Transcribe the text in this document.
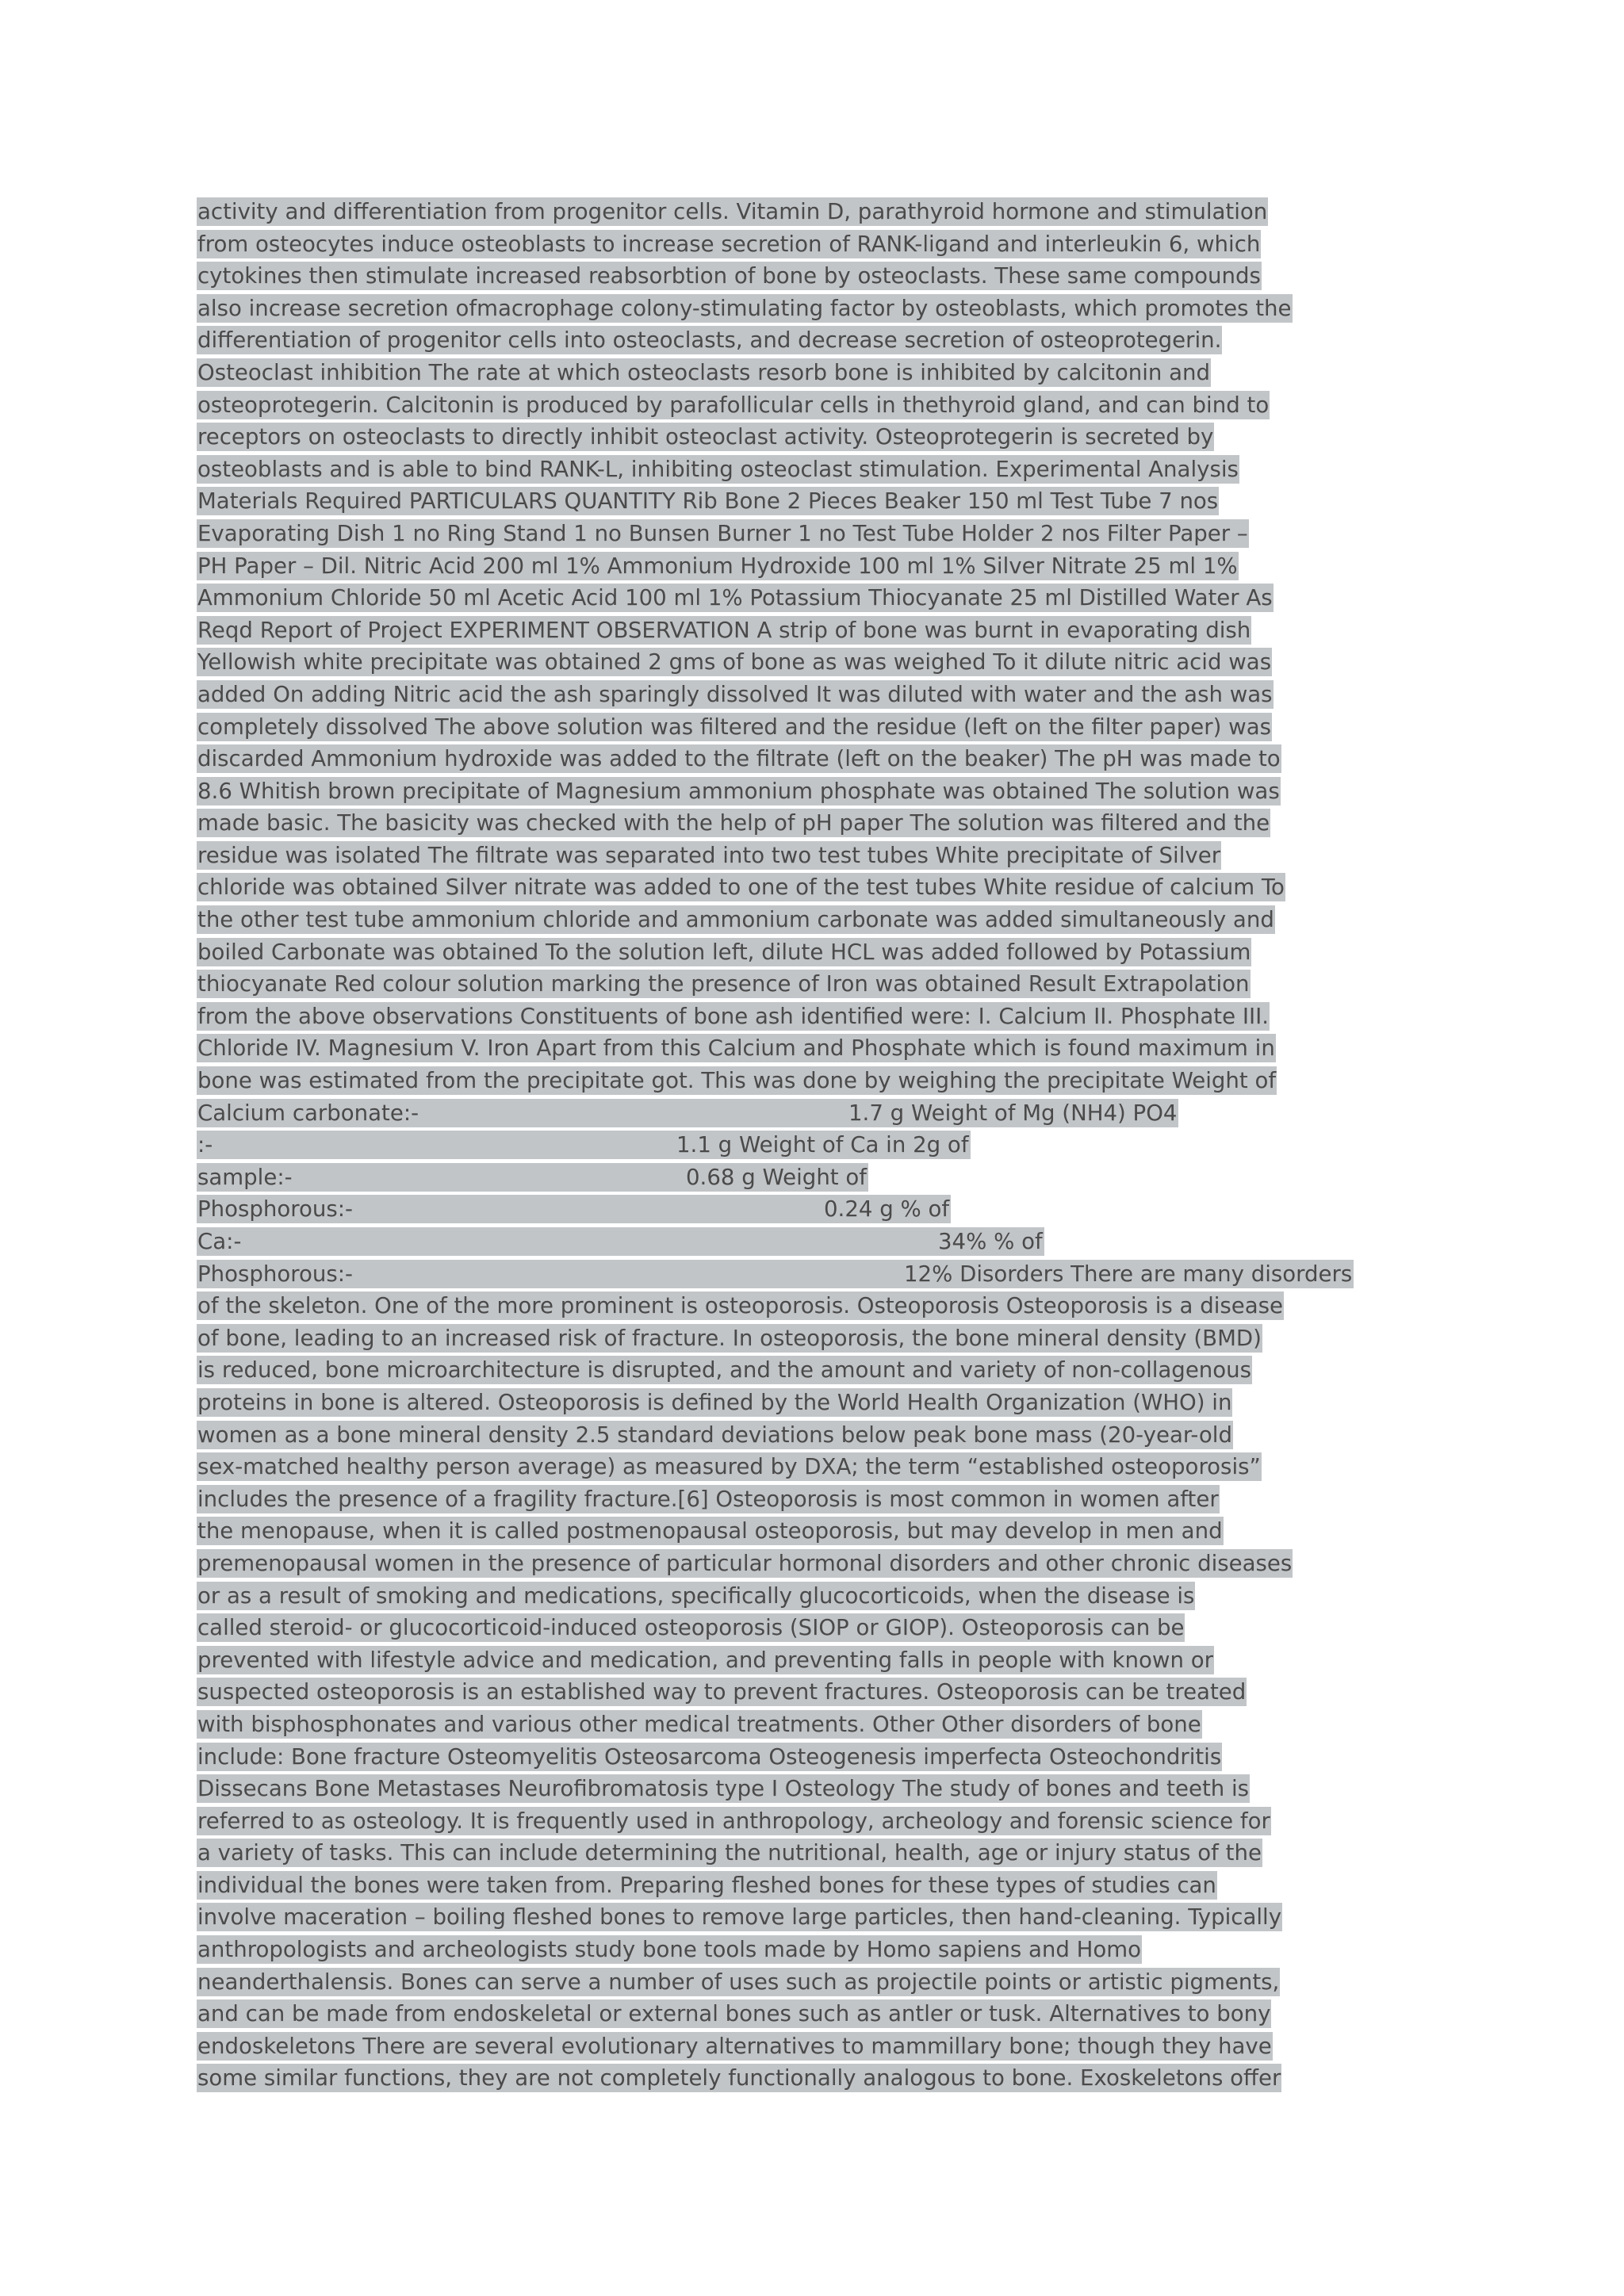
activity and differentiation from progenitor cells. Vitamin D, parathyroid hormone and stimulation
from osteocytes induce osteoblasts to increase secretion of RANK-ligand and interleukin 6, which
cytokines then stimulate increased reabsorbtion of bone by osteoclasts. These same compounds
also increase secretion ofmacrophage colony-stimulating factor by osteoblasts, which promotes the
differentiation of progenitor cells into osteoclasts, and decrease secretion of osteoprotegerin.
Osteoclast inhibition The rate at which osteoclasts resorb bone is inhibited by calcitonin and
osteoprotegerin. Calcitonin is produced by parafollicular cells in thethyroid gland, and can bind to
receptors on osteoclasts to directly inhibit osteoclast activity. Osteoprotegerin is secreted by
osteoblasts and is able to bind RANK-L, inhibiting osteoclast stimulation. Experimental Analysis
Materials Required PARTICULARS QUANTITY Rib Bone 2 Pieces Beaker 150 ml Test Tube 7 nos
Evaporating Dish 1 no Ring Stand 1 no Bunsen Burner 1 no Test Tube Holder 2 nos Filter Paper –
PH Paper – Dil. Nitric Acid 200 ml 1% Ammonium Hydroxide 100 ml 1% Silver Nitrate 25 ml 1%
Ammonium Chloride 50 ml Acetic Acid 100 ml 1% Potassium Thiocyanate 25 ml Distilled Water As
Reqd Report of Project EXPERIMENT OBSERVATION A strip of bone was burnt in evaporating dish
Yellowish white precipitate was obtained 2 gms of bone as was weighed To it dilute nitric acid was
added On adding Nitric acid the ash sparingly dissolved It was diluted with water and the ash was
completely dissolved The above solution was filtered and the residue (left on the filter paper) was
discarded Ammonium hydroxide was added to the filtrate (left on the beaker) The pH was made to
8.6 Whitish brown precipitate of Magnesium ammonium phosphate was obtained The solution was
made basic. The basicity was checked with the help of pH paper The solution was filtered and the
residue was isolated The filtrate was separated into two test tubes White precipitate of Silver
chloride was obtained Silver nitrate was added to one of the test tubes White residue of calcium To
the other test tube ammonium chloride and ammonium carbonate was added simultaneously and
boiled Carbonate was obtained To the solution left, dilute HCL was added followed by Potassium
thiocyanate Red colour solution marking the presence of Iron was obtained Result Extrapolation
from the above observations Constituents of bone ash identified were: I. Calcium II. Phosphate III.
Chloride IV. Magnesium V. Iron Apart from this Calcium and Phosphate which is found maximum in
bone was estimated from the precipitate got. This was done by weighing the precipitate Weight of
Calcium carbonate:-	1.7 g Weight of Mg (NH4) PO4
:-	1.1 g Weight of Ca in 2g of
sample:-	0.68 g Weight of
Phosphorous:-	0.24 g % of
Ca:-	34% % of
Phosphorous:-	12% Disorders There are many disorders
of the skeleton. One of the more prominent is osteoporosis. Osteoporosis Osteoporosis is a disease
of bone, leading to an increased risk of fracture. In osteoporosis, the bone mineral density (BMD)
is reduced, bone microarchitecture is disrupted, and the amount and variety of non-collagenous
proteins in bone is altered. Osteoporosis is defined by the World Health Organization (WHO) in
women as a bone mineral density 2.5 standard deviations below peak bone mass (20-year-old
sex-matched healthy person average) as measured by DXA; the term “established osteoporosis”
includes the presence of a fragility fracture.[6] Osteoporosis is most common in women after
the menopause, when it is called postmenopausal osteoporosis, but may develop in men and
premenopausal women in the presence of particular hormonal disorders and other chronic diseases
or as a result of smoking and medications, specifically glucocorticoids, when the disease is
called steroid- or glucocorticoid-induced osteoporosis (SIOP or GIOP). Osteoporosis can be
prevented with lifestyle advice and medication, and preventing falls in people with known or
suspected osteoporosis is an established way to prevent fractures. Osteoporosis can be treated
with bisphosphonates and various other medical treatments. Other Other disorders of bone
include: Bone fracture Osteomyelitis Osteosarcoma Osteogenesis imperfecta Osteochondritis
Dissecans Bone Metastases Neurofibromatosis type I Osteology The study of bones and teeth is
referred to as osteology. It is frequently used in anthropology, archeology and forensic science for
a variety of tasks. This can include determining the nutritional, health, age or injury status of the
individual the bones were taken from. Preparing fleshed bones for these types of studies can
involve maceration – boiling fleshed bones to remove large particles, then hand-cleaning. Typically
anthropologists and archeologists study bone tools made by Homo sapiens and Homo
neanderthalensis. Bones can serve a number of uses such as projectile points or artistic pigments,
and can be made from endoskeletal or external bones such as antler or tusk. Alternatives to bony
endoskeletons There are several evolutionary alternatives to mammillary bone; though they have
some similar functions, they are not completely functionally analogous to bone. Exoskeletons offer
